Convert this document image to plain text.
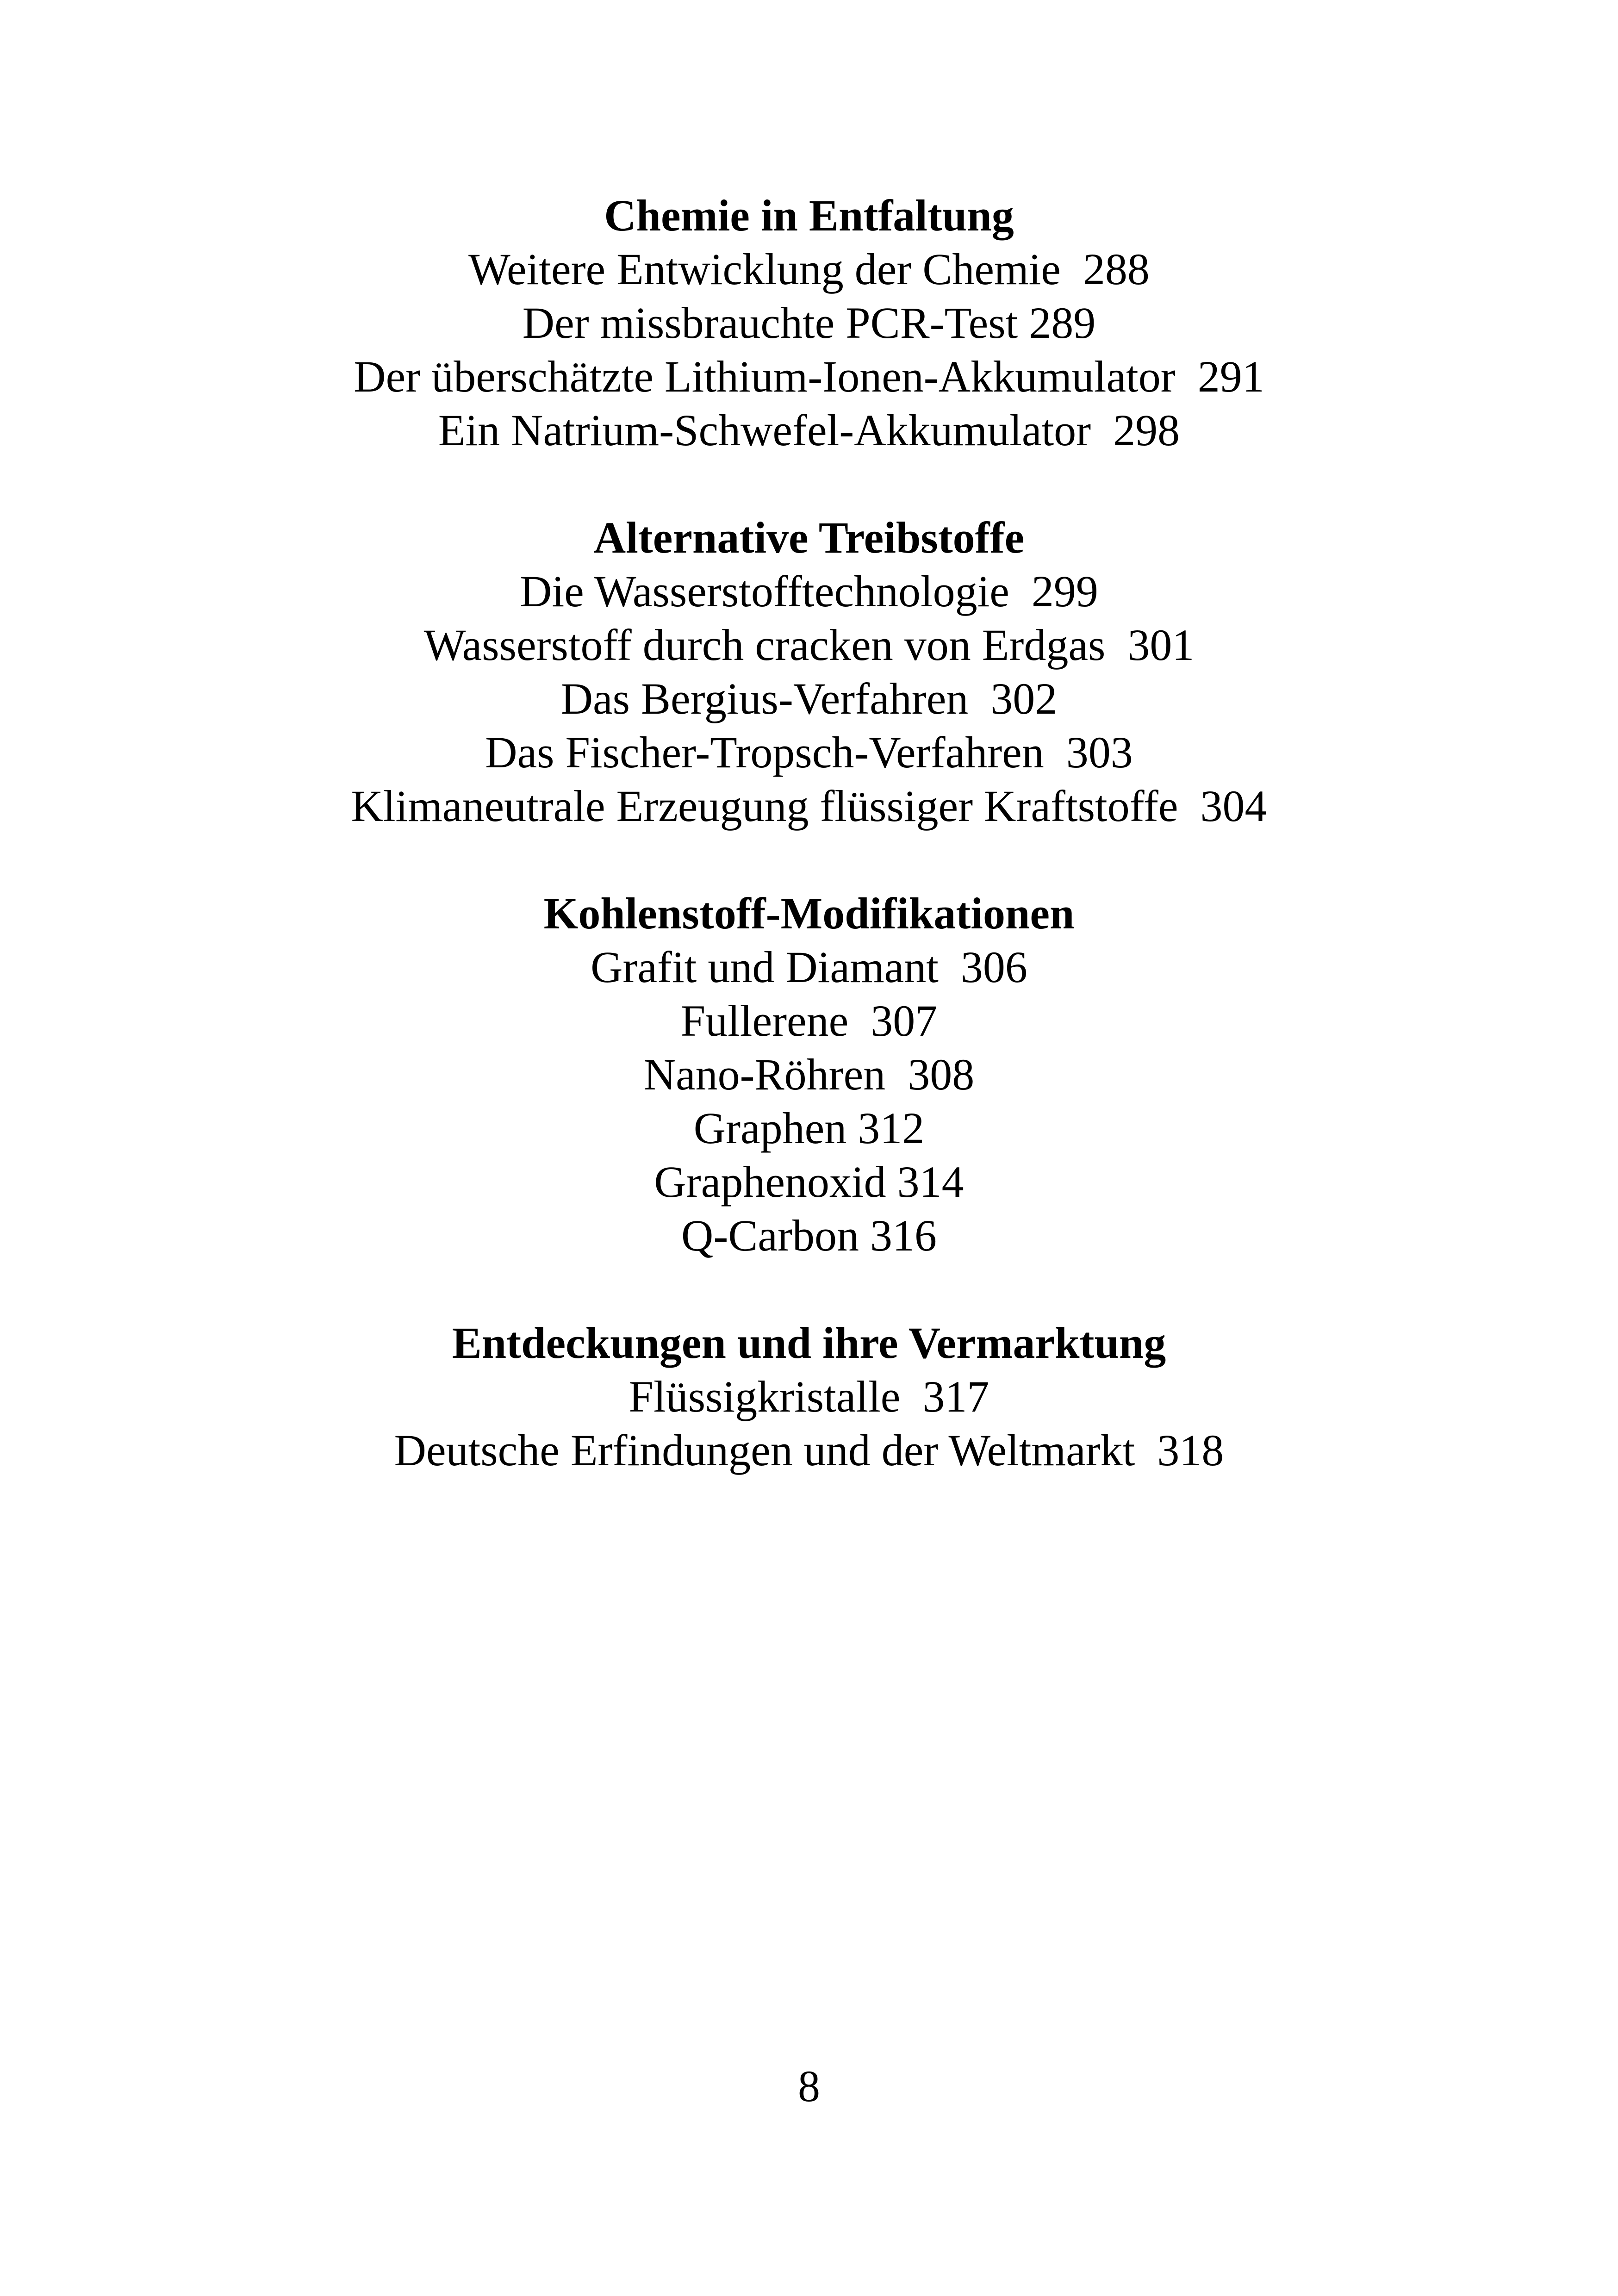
Chemie in Entfaltung

Weitere Entwicklung der Chemie  288

Der missbrauchte PCR-Test 289

Der überschätzte Lithium-Ionen-Akkumulator  291

Ein Natrium-Schwefel-Akkumulator  298

Alternative Treibstoffe

Die Wasserstofftechnologie  299

Wasserstoff durch cracken von Erdgas  301

Das Bergius-Verfahren  302

Das Fischer-Tropsch-Verfahren  303

Klimaneutrale Erzeugung flüssiger Kraftstoffe  304

Kohlenstoff-Modifikationen

Grafit und Diamant  306

Fullerene  307

Nano-Röhren  308

Graphen 312

Graphenoxid 314

Q-Carbon 316

Entdeckungen und ihre Vermarktung

Flüssigkristalle  317

Deutsche Erfindungen und der Weltmarkt  318

8
